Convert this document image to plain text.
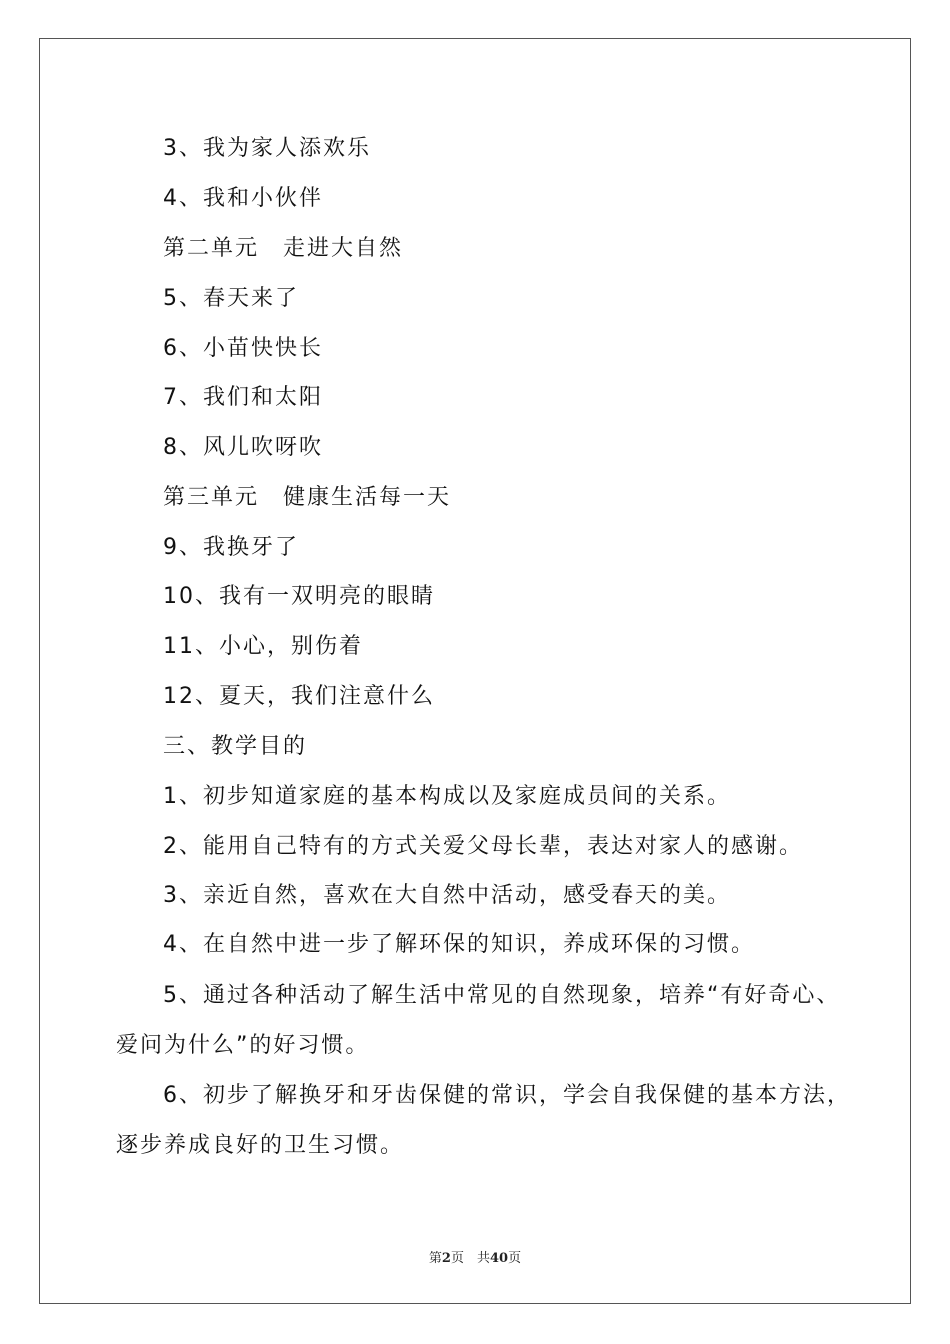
3、我为家人添欢乐

4、我和小伙伴

第二单元　走进大自然

5、春天来了

6、小苗快快长

7、我们和太阳

8、风儿吹呀吹

第三单元　健康生活每一天

9、我换牙了

10、我有一双明亮的眼睛

11、小心，别伤着

12、夏天，我们注意什么

三、教学目的

1、初步知道家庭的基本构成以及家庭成员间的关系。

2、能用自己特有的方式关爱父母长辈，表达对家人的感谢。

3、亲近自然，喜欢在大自然中活动，感受春天的美。

4、在自然中进一步了解环保的知识，养成环保的习惯。

5、通过各种活动了解生活中常见的自然现象，培养“有好奇心、

爱问为什么”的好习惯。

6、初步了解换牙和牙齿保健的常识，学会自我保健的基本方法，

逐步养成良好的卫生习惯。

第2页　共40页
